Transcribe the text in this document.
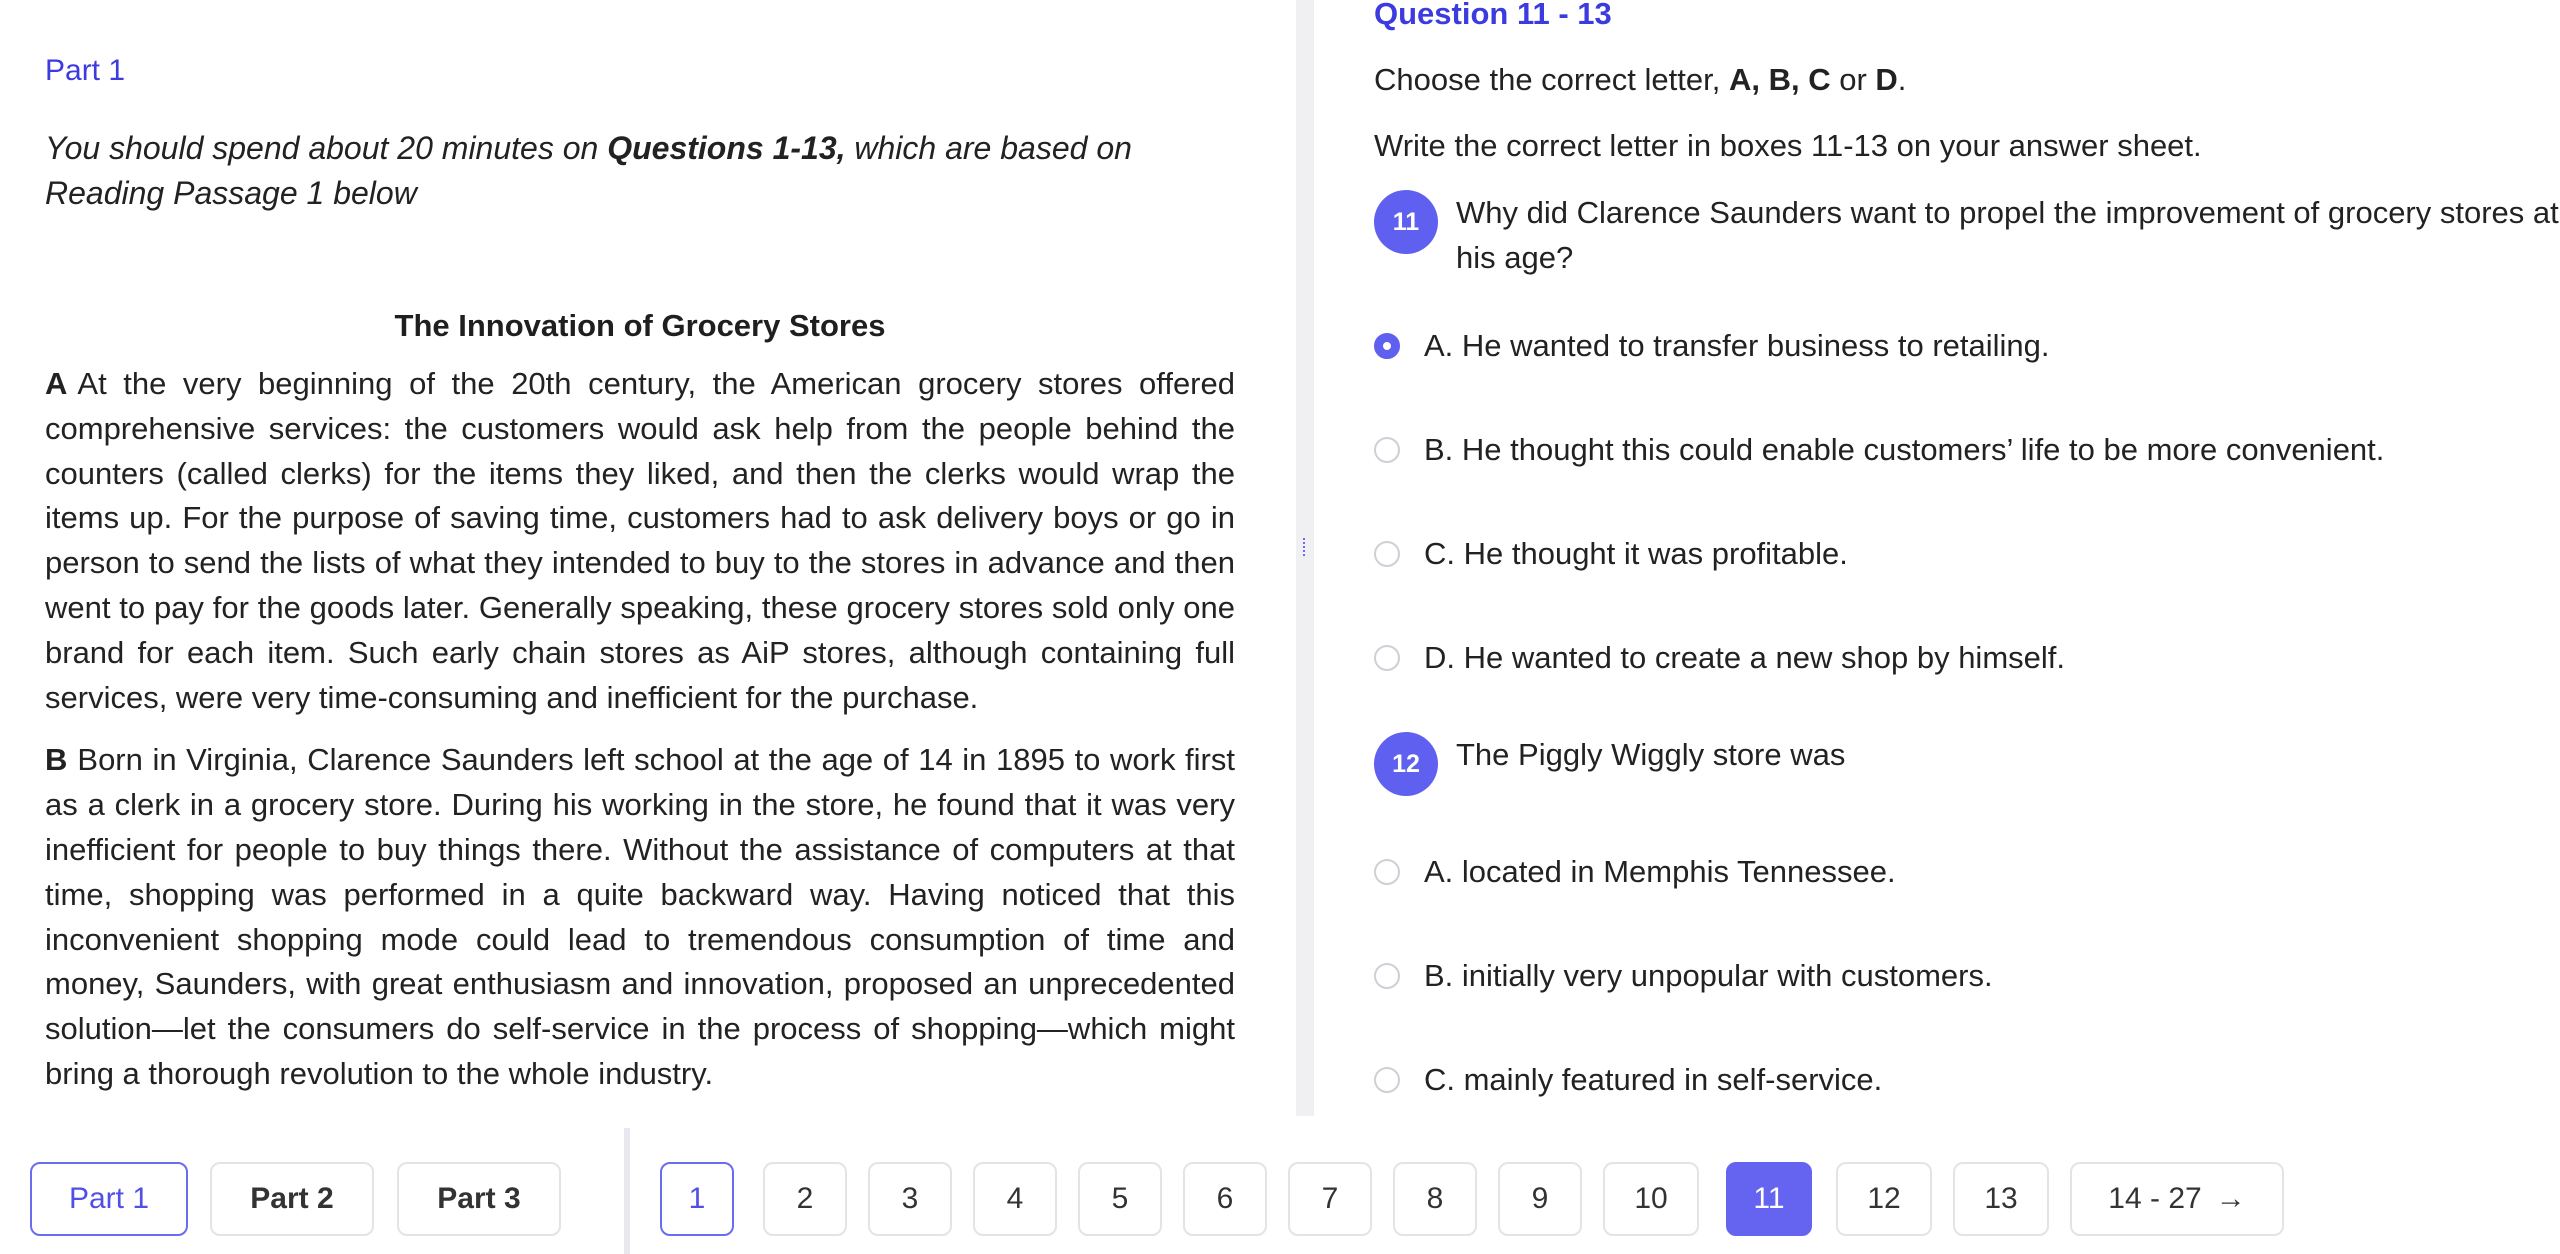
Part 1
You should spend about 20 minutes on Questions 1-13, which are based on Reading Passage 1 below
The Innovation of Grocery Stores

A At the very beginning of the 20th century, the American grocery stores offered comprehensive services: the customers would ask help from the people behind the counters (called clerks) for the items they liked, and then the clerks would wrap the items up. For the purpose of saving time, customers had to ask delivery boys or go in person to send the lists of what they intended to buy to the stores in advance and then went to pay for the goods later. Generally speaking, these grocery stores sold only one brand for each item. Such early chain stores as AiP stores, although containing full services, were very time-consuming and inefficient for the purchase.

B Born in Virginia, Clarence Saunders left school at the age of 14 in 1895 to work first as a clerk in a grocery store. During his working in the store, he found that it was very inefficient for people to buy things there. Without the assistance of computers at that time, shopping was performed in a quite backward way. Having noticed that this inconvenient shopping mode could lead to tremendous consumption of time and money, Saunders, with great enthusiasm and innovation, proposed an unprecedented solution—let the consumers do self-service in the process of shopping—which might bring a thorough revolution to the whole industry.

Question 11 - 13
Choose the correct letter, A, B, C or D.
Write the correct letter in boxes 11-13 on your answer sheet.
11	Why did Clarence Saunders want to propel the improvement of grocery stores at his age?
A. He wanted to transfer business to retailing.
B. He thought this could enable customers’ life to be more convenient.
C. He thought it was profitable.
D. He wanted to create a new shop by himself.
12	The Piggly Wiggly store was
A. located in Memphis Tennessee.
B. initially very unpopular with customers.
C. mainly featured in self-service.
Part 1	Part 2	Part 3	1	2	3	4	5	6	7	8	9	10	11	12	13	14 - 27 →
